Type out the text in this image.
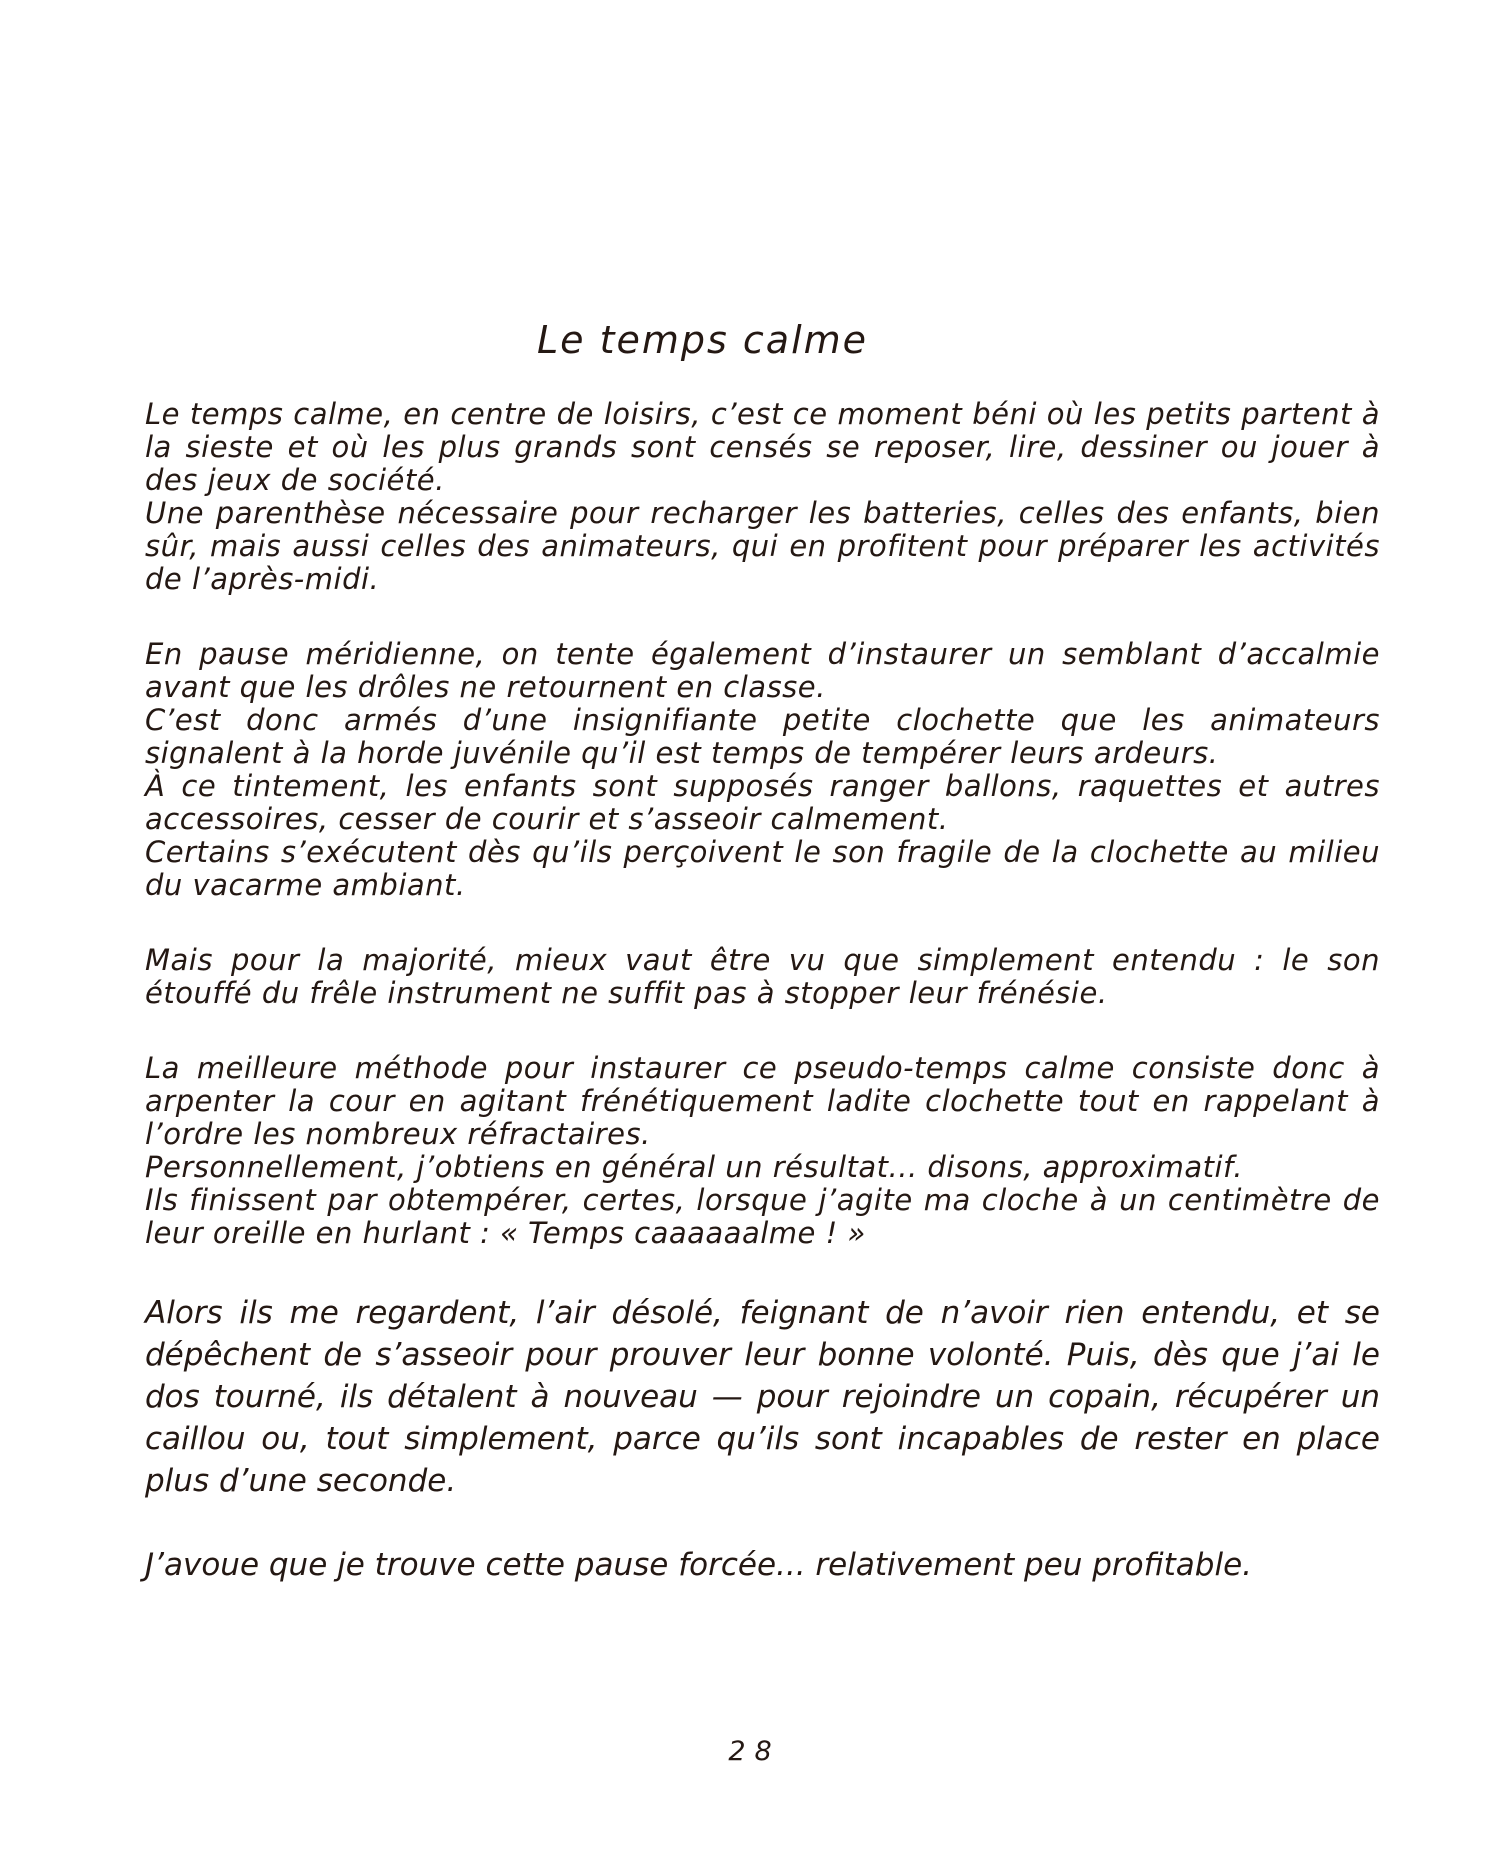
Le temps calme

Le temps calme, en centre de loisirs, c’est ce moment béni où les petits partent à la sieste et où les plus grands sont censés se reposer, lire, dessiner ou jouer à des jeux de société.

Une parenthèse nécessaire pour recharger les batteries, celles des enfants, bien sûr, mais aussi celles des animateurs, qui en profitent pour préparer les activités de l’après-midi.

En pause méridienne, on tente également d’instaurer un semblant d’accalmie avant que les drôles ne retournent en classe.

C’est donc armés d’une insignifiante petite clochette que les animateurs signalent à la horde juvénile qu’il est temps de tempérer leurs ardeurs.

À ce tintement, les enfants sont supposés ranger ballons, raquettes et autres accessoires, cesser de courir et s’asseoir calmement.

Certains s’exécutent dès qu’ils perçoivent le son fragile de la clochette au milieu du vacarme ambiant.

Mais pour la majorité, mieux vaut être vu que simplement entendu : le son étouffé du frêle instrument ne suffit pas à stopper leur frénésie.

La meilleure méthode pour instaurer ce pseudo-temps calme consiste donc à arpenter la cour en agitant frénétiquement ladite clochette tout en rappelant à l’ordre les nombreux réfractaires.

Personnellement, j’obtiens en général un résultat... disons, approximatif.

Ils finissent par obtempérer, certes, lorsque j’agite ma cloche à un centimètre de leur oreille en hurlant : « Temps caaaaaalme ! »

Alors ils me regardent, l’air désolé, feignant de n’avoir rien entendu, et se dépêchent de s’asseoir pour prouver leur bonne volonté. Puis, dès que j’ai le dos tourné, ils détalent à nouveau — pour rejoindre un copain, récupérer un caillou ou, tout simplement, parce qu’ils sont incapables de rester en place plus d’une seconde.

J’avoue que je trouve cette pause forcée... relativement peu profitable.

28
